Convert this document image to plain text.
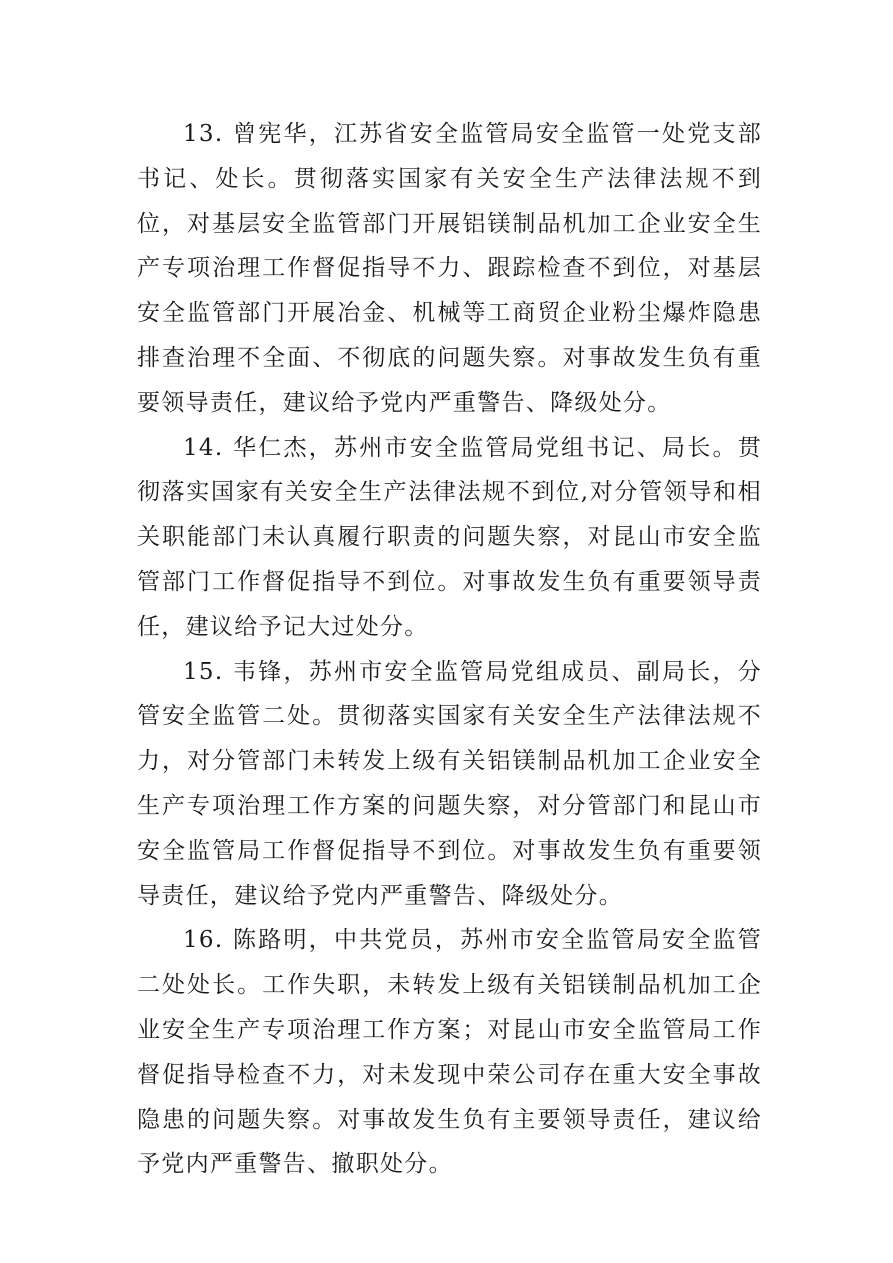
13. 曾宪华，江苏省安全监管局安全监管一处党支部书记、处长。贯彻落实国家有关安全生产法律法规不到位，对基层安全监管部门开展铝镁制品机加工企业安全生产专项治理工作督促指导不力、跟踪检查不到位，对基层安全监管部门开展冶金、机械等工商贸企业粉尘爆炸隐患排查治理不全面、不彻底的问题失察。对事故发生负有重要领导责任，建议给予党内严重警告、降级处分。

14. 华仁杰，苏州市安全监管局党组书记、局长。贯彻落实国家有关安全生产法律法规不到位,对分管领导和相关职能部门未认真履行职责的问题失察，对昆山市安全监管部门工作督促指导不到位。对事故发生负有重要领导责任，建议给予记大过处分。

15. 韦锋，苏州市安全监管局党组成员、副局长，分管安全监管二处。贯彻落实国家有关安全生产法律法规不力，对分管部门未转发上级有关铝镁制品机加工企业安全生产专项治理工作方案的问题失察，对分管部门和昆山市安全监管局工作督促指导不到位。对事故发生负有重要领导责任，建议给予党内严重警告、降级处分。

16. 陈路明，中共党员，苏州市安全监管局安全监管二处处长。工作失职，未转发上级有关铝镁制品机加工企业安全生产专项治理工作方案；对昆山市安全监管局工作督促指导检查不力，对未发现中荣公司存在重大安全事故隐患的问题失察。对事故发生负有主要领导责任，建议给予党内严重警告、撤职处分。
